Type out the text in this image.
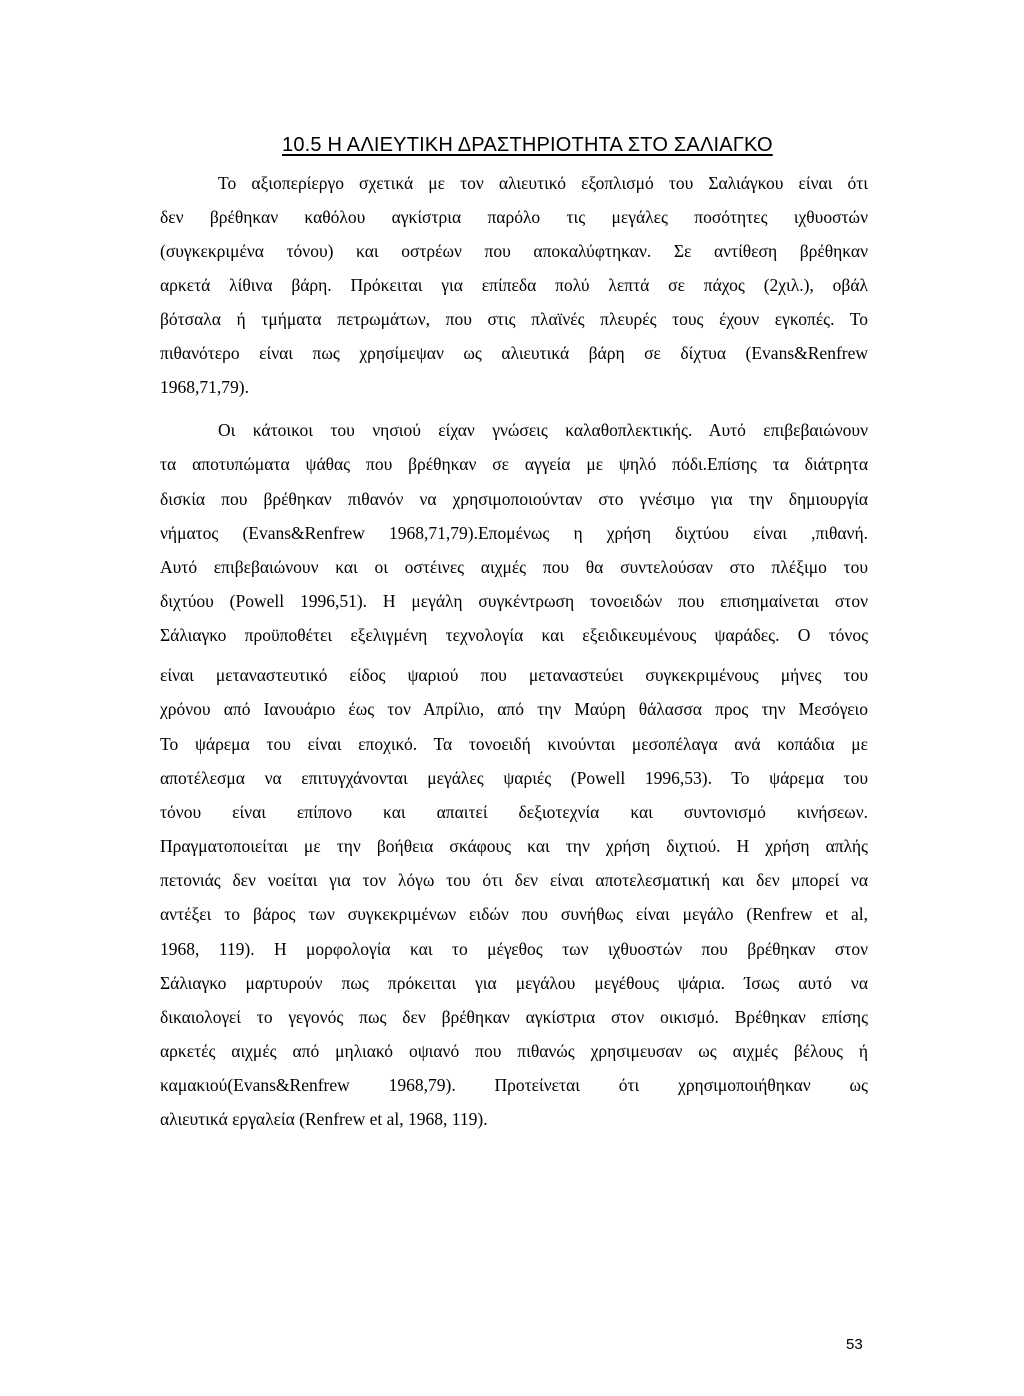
10.5 Η ΑΛΙΕΥΤΙΚΗ ΔΡΑΣΤΗΡΙΟΤΗΤΑ ΣΤΟ ΣΑΛΙΑΓΚΟ
Το αξιοπερίεργο σχετικά με τον αλιευτικό εξοπλισμό του Σαλιάγκου είναι ότι
δεν βρέθηκαν καθόλου αγκίστρια παρόλο τις μεγάλες ποσότητες ιχθυοστών
(συγκεκριμένα τόνου) και οστρέων που αποκαλύφτηκαν. Σε αντίθεση βρέθηκαν
αρκετά λίθινα βάρη. Πρόκειται για επίπεδα πολύ λεπτά σε πάχος (2χιλ.), οβάλ
βότσαλα ή τμήματα πετρωμάτων, που στις πλαϊνές πλευρές τους έχουν εγκοπές. Το
πιθανότερο είναι πως χρησίμεψαν ως αλιευτικά βάρη σε δίχτυα (Evans&Renfrew
1968,71,79).
Οι κάτοικοι του νησιού είχαν γνώσεις καλαθοπλεκτικής. Αυτό επιβεβαιώνουν
τα αποτυπώματα ψάθας που βρέθηκαν σε αγγεία με ψηλό πόδι.Επίσης τα διάτρητα
δισκία που βρέθηκαν πιθανόν να χρησιμοποιούνταν στο γνέσιμο για την δημιουργία
νήματος (Evans&Renfrew 1968,71,79).Επομένως η χρήση διχτύου είναι ,πιθανή.
Αυτό επιβεβαιώνουν και οι οστέινες αιχμές που θα συντελούσαν στο πλέξιμο του
διχτύου (Powell 1996,51). Η μεγάλη συγκέντρωση τονοειδών που επισημαίνεται στον
Σάλιαγκο προϋποθέτει εξελιγμένη τεχνολογία και εξειδικευμένους ψαράδες. Ο τόνος
είναι μεταναστευτικό είδος ψαριού που μεταναστεύει συγκεκριμένους μήνες του
χρόνου από Ιανουάριο έως τον Απρίλιο, από την Μαύρη θάλασσα προς την Μεσόγειο
Το ψάρεμα του είναι εποχικό. Τα τονοειδή κινούνται μεσοπέλαγα ανά κοπάδια με
αποτέλεσμα να επιτυγχάνονται μεγάλες ψαριές (Powell 1996,53). Το ψάρεμα του
τόνου είναι επίπονο και απαιτεί δεξιοτεχνία και συντονισμό κινήσεων.
Πραγματοποιείται με την βοήθεια σκάφους και την χρήση διχτιού. Η χρήση απλής
πετονιάς δεν νοείται για τον λόγω του ότι δεν είναι αποτελεσματική και δεν μπορεί να
αντέξει το βάρος των συγκεκριμένων ειδών που συνήθως είναι μεγάλο (Renfrew et al,
1968, 119). Η μορφολογία και το μέγεθος των ιχθυοστών που βρέθηκαν στον
Σάλιαγκο μαρτυρούν πως πρόκειται για μεγάλου μεγέθους ψάρια. Ίσως αυτό να
δικαιολογεί το γεγονός πως δεν βρέθηκαν αγκίστρια στον οικισμό. Βρέθηκαν επίσης
αρκετές αιχμές από μηλιακό οψιανό που πιθανώς χρησιμευσαν ως αιχμές βέλους ή
καμακιού(Evans&Renfrew 1968,79). Προτείνεται ότι χρησιμοποιήθηκαν ως
αλιευτικά εργαλεία (Renfrew et al, 1968, 119).
53
